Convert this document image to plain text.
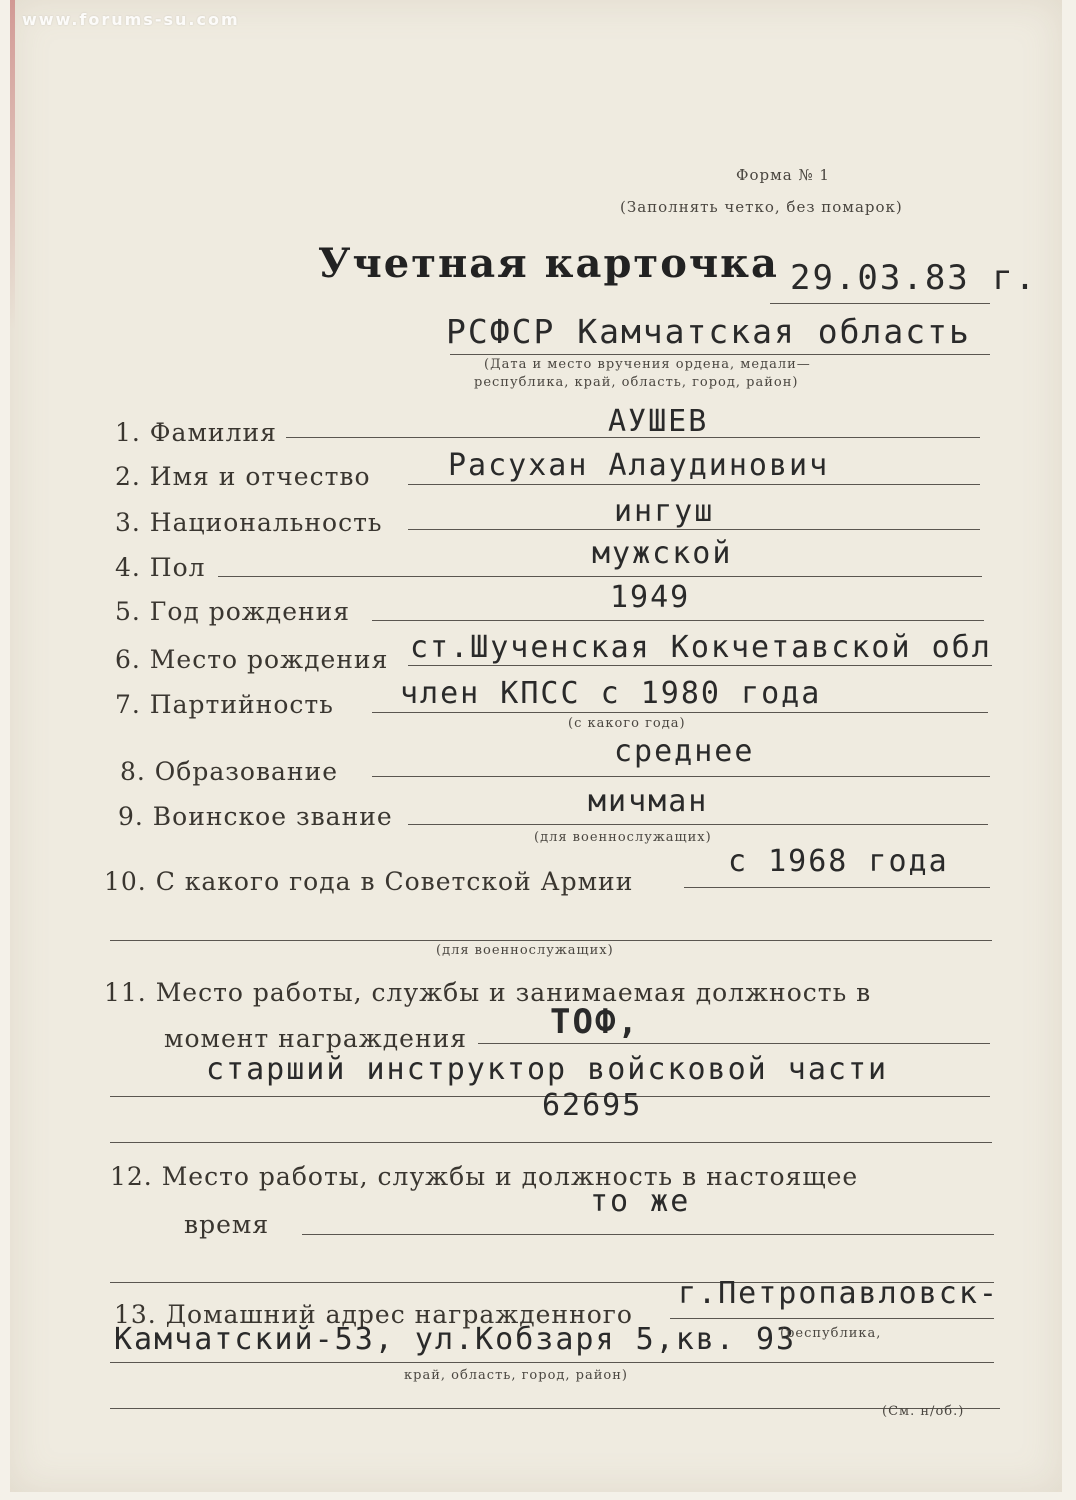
www.forums-su.com
Форма № 1
(Заполнять четко, без помарок)
Учетная карточка 29.03.83 г.
РСФСР Камчатская область
(Дата и место вручения ордена, медали—
республика, край, область, город, район)
1. Фамилия	АУШЕВ
2. Имя и отчество	Расухан Алаудинович
3. Национальность	ингуш
4. Пол	мужской
5. Год рождения	1949
6. Место рождения ст.Шученская Кокчетавской обл
7. Партийность член КПСС с 1980 года
(с какого года)
8. Образование
среднее
9. Воинское звание	мичман
(для военнослужащих)
10. С какого года в Советской Армии
с 1968 года
(для военнослужащих)
11. Место работы, службы и занимаемая должность в
момент награждения ТОФ,
старший инструктор войсковой части
62695
12. Место работы, службы и должность в настоящее
время
то же
13. Домашний адрес награжденного
г.Петропавловск-
Камчатский-53, ул.Кобзаря 5,кв. 93
(республика,
край, область, город, район)
(См. н/об.)
